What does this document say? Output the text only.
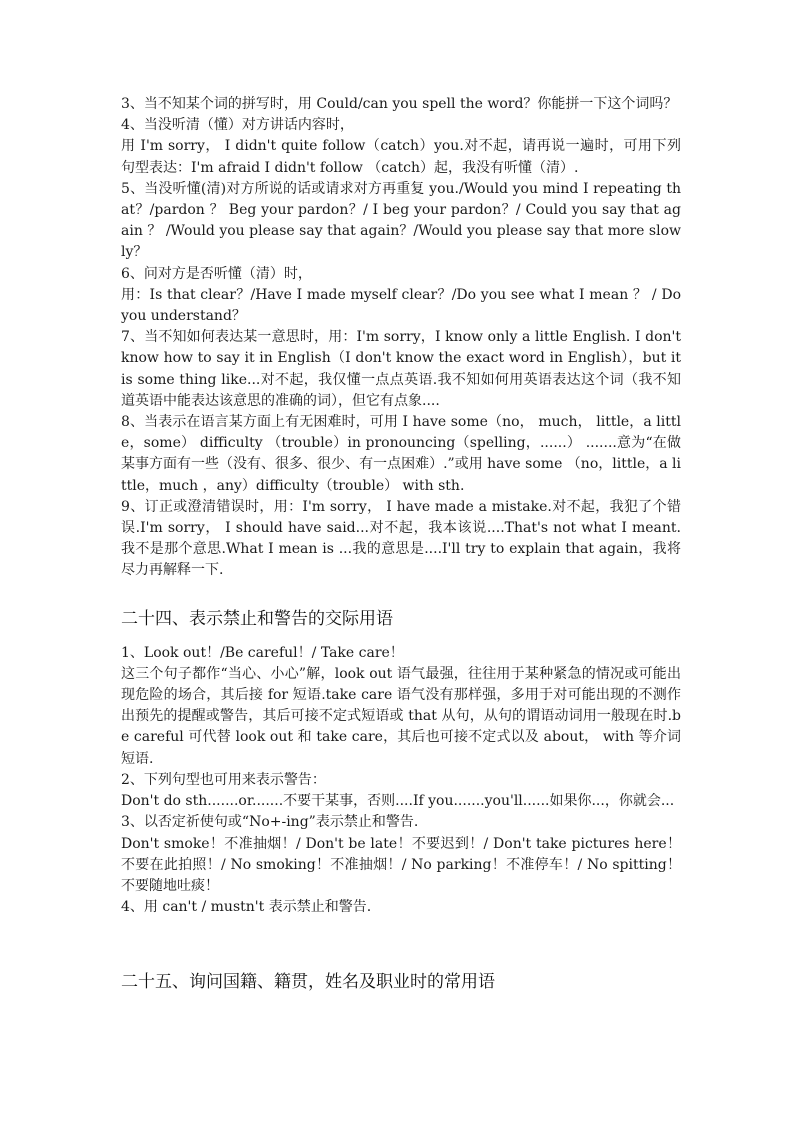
3、当不知某个词的拼写时，用 Could/can you spell the word？你能拼一下这个词吗？

4、当没听清（懂）对方讲话内容时，

用 I'm sorry， I didn't quite follow（catch）you.对不起，请再说一遍时，可用下列句型表达：I'm afraid I didn't follow （catch）起，我没有听懂（清）.

5、当没听懂(清)对方所说的话或请求对方再重复 you./Would you mind I repeating that？/pardon ？ Beg your pardon？/ I beg your pardon？/ Could you say that again ？ /Would you please say that again？/Would you please say that more slowly？

6、问对方是否听懂（清）时，

用：Is that clear？/Have I made myself clear？/Do you see what I mean ？ / Do you understand？

7、当不知如何表达某一意思时，用：I'm sorry，I know only a little English. I don't know how to say it in English（I don't know the exact word in English），but it is some thing like...对不起，我仅懂一点点英语.我不知如何用英语表达这个词（我不知道英语中能表达该意思的准确的词），但它有点象....

8、当表示在语言某方面上有无困难时，可用 I have some（no， much， little，a little，some） difficulty （trouble）in pronouncing（spelling，......） .......意为“在做某事方面有一些（没有、很多、很少、有一点困难）.”或用 have some （no，little，a little，much ，any）difficulty（trouble） with sth.

9、订正或澄清错误时，用：I'm sorry， I have made a mistake.对不起，我犯了个错误.I'm sorry， I should have said...对不起，我本该说....That's not what I meant.我不是那个意思.What I mean is ...我的意思是....I'll try to explain that again，我将尽力再解释一下.

二十四、表示禁止和警告的交际用语

1、Look out！/Be careful！/ Take care！

这三个句子都作“当心、小心”解，look out 语气最强，往往用于某种紧急的情况或可能出现危险的场合，其后接 for 短语.take care 语气没有那样强，多用于对可能出现的不测作出预先的提醒或警告，其后可接不定式短语或 that 从句，从句的谓语动词用一般现在时.be careful 可代替 look out 和 take care，其后也可接不定式以及 about， with 等介词短语.

2、下列句型也可用来表示警告：

Don't do sth.......or.......不要干某事，否则....If you.......you'll......如果你...，你就会...

3、以否定祈使句或“No+-ing”表示禁止和警告.

Don't smoke！不准抽烟！/ Don't be late！不要迟到！/ Don't take pictures here！不要在此拍照！/ No smoking！不准抽烟！/ No parking！不准停车！/ No spitting！不要随地吐痰！

4、用 can't / mustn't 表示禁止和警告.

二十五、询问国籍、籍贯，姓名及职业时的常用语
